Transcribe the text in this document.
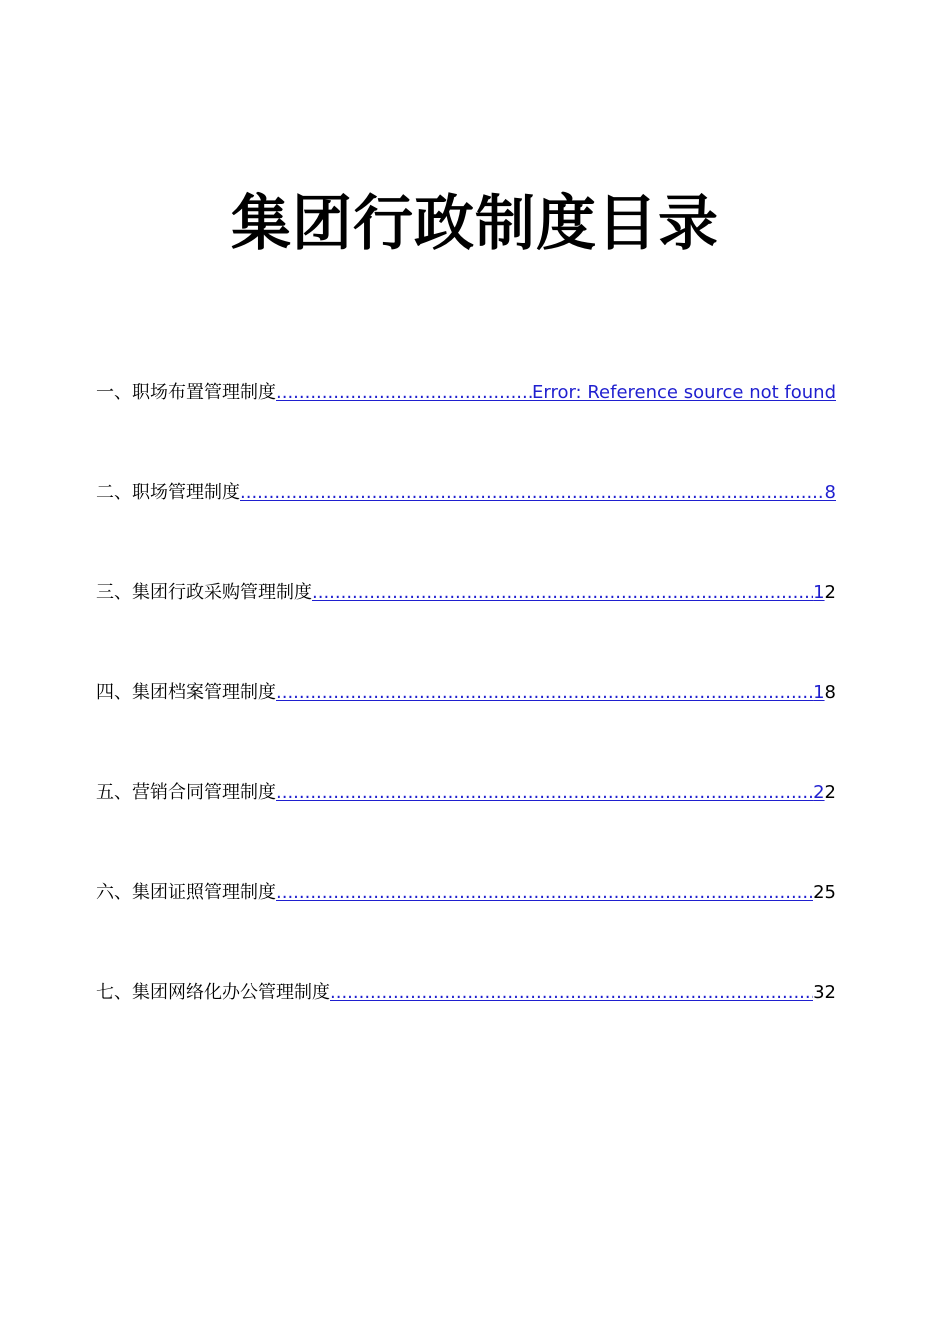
集团行政制度目录
一、职场布置管理制度 .....	Error: Reference source not found
二、职场管理制度 .....	8
三、集团行政采购管理制度 .....	1 2
四、集团档案管理制度 .....	1 8
五、营销合同管理制度 .....	2 2
六、集团证照管理制度 .....	25
七、集团网络化办公管理制度 .....	32
